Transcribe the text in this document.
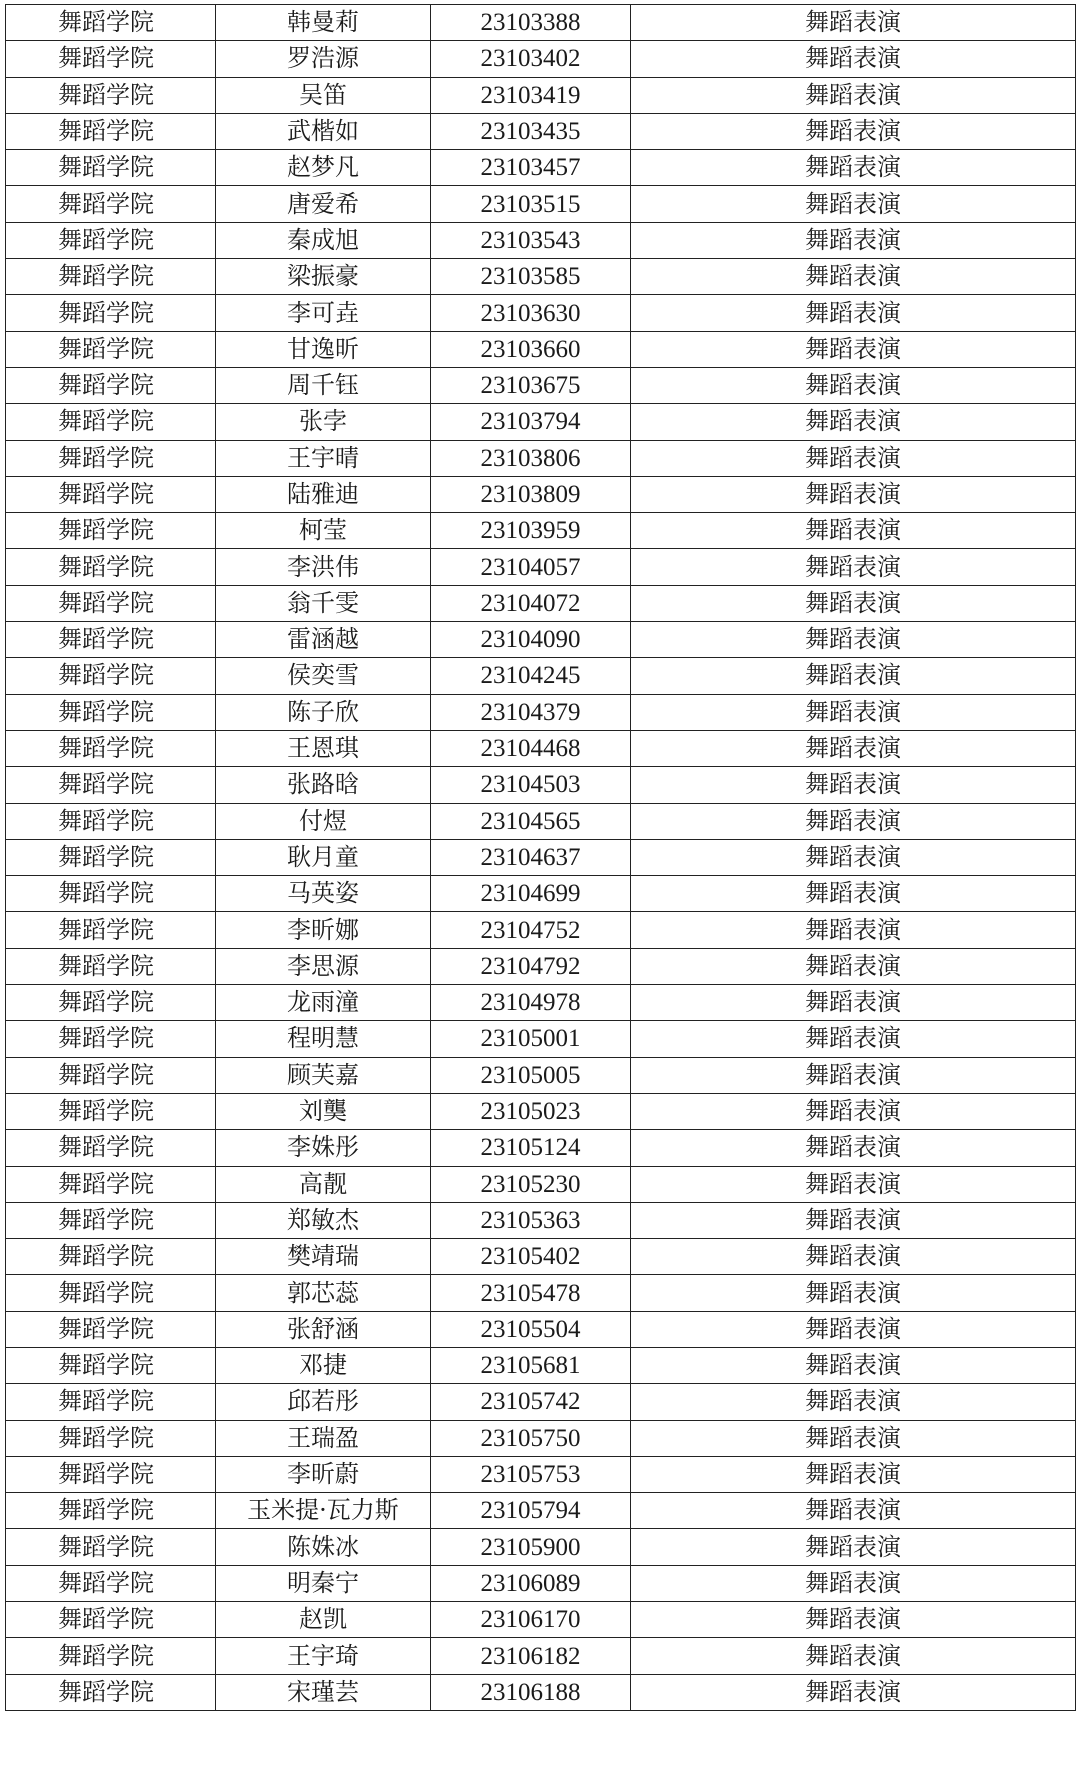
舞蹈学院	韩曼莉	23103388	舞蹈表演
舞蹈学院	罗浩源	23103402	舞蹈表演
舞蹈学院	吴笛	23103419	舞蹈表演
舞蹈学院	武楷如	23103435	舞蹈表演
舞蹈学院	赵梦凡	23103457	舞蹈表演
舞蹈学院	唐爱希	23103515	舞蹈表演
舞蹈学院	秦成旭	23103543	舞蹈表演
舞蹈学院	梁振豪	23103585	舞蹈表演
舞蹈学院	李可垚	23103630	舞蹈表演
舞蹈学院	甘逸昕	23103660	舞蹈表演
舞蹈学院	周千钰	23103675	舞蹈表演
舞蹈学院	张孛	23103794	舞蹈表演
舞蹈学院	王宇晴	23103806	舞蹈表演
舞蹈学院	陆雅迪	23103809	舞蹈表演
舞蹈学院	柯莹	23103959	舞蹈表演
舞蹈学院	李洪伟	23104057	舞蹈表演
舞蹈学院	翁千雯	23104072	舞蹈表演
舞蹈学院	雷涵越	23104090	舞蹈表演
舞蹈学院	侯奕雪	23104245	舞蹈表演
舞蹈学院	陈子欣	23104379	舞蹈表演
舞蹈学院	王恩琪	23104468	舞蹈表演
舞蹈学院	张路晗	23104503	舞蹈表演
舞蹈学院	付煜	23104565	舞蹈表演
舞蹈学院	耿月童	23104637	舞蹈表演
舞蹈学院	马英姿	23104699	舞蹈表演
舞蹈学院	李昕娜	23104752	舞蹈表演
舞蹈学院	李思源	23104792	舞蹈表演
舞蹈学院	龙雨潼	23104978	舞蹈表演
舞蹈学院	程明慧	23105001	舞蹈表演
舞蹈学院	顾芙嘉	23105005	舞蹈表演
舞蹈学院	刘龑	23105023	舞蹈表演
舞蹈学院	李姝彤	23105124	舞蹈表演
舞蹈学院	高靓	23105230	舞蹈表演
舞蹈学院	郑敏杰	23105363	舞蹈表演
舞蹈学院	樊靖瑞	23105402	舞蹈表演
舞蹈学院	郭芯蕊	23105478	舞蹈表演
舞蹈学院	张舒涵	23105504	舞蹈表演
舞蹈学院	邓捷	23105681	舞蹈表演
舞蹈学院	邱若彤	23105742	舞蹈表演
舞蹈学院	王瑞盈	23105750	舞蹈表演
舞蹈学院	李昕蔚	23105753	舞蹈表演
舞蹈学院	玉米提·瓦力斯	23105794	舞蹈表演
舞蹈学院	陈姝冰	23105900	舞蹈表演
舞蹈学院	明秦宁	23106089	舞蹈表演
舞蹈学院	赵凯	23106170	舞蹈表演
舞蹈学院	王宇琦	23106182	舞蹈表演
舞蹈学院	宋瑾芸	23106188	舞蹈表演
